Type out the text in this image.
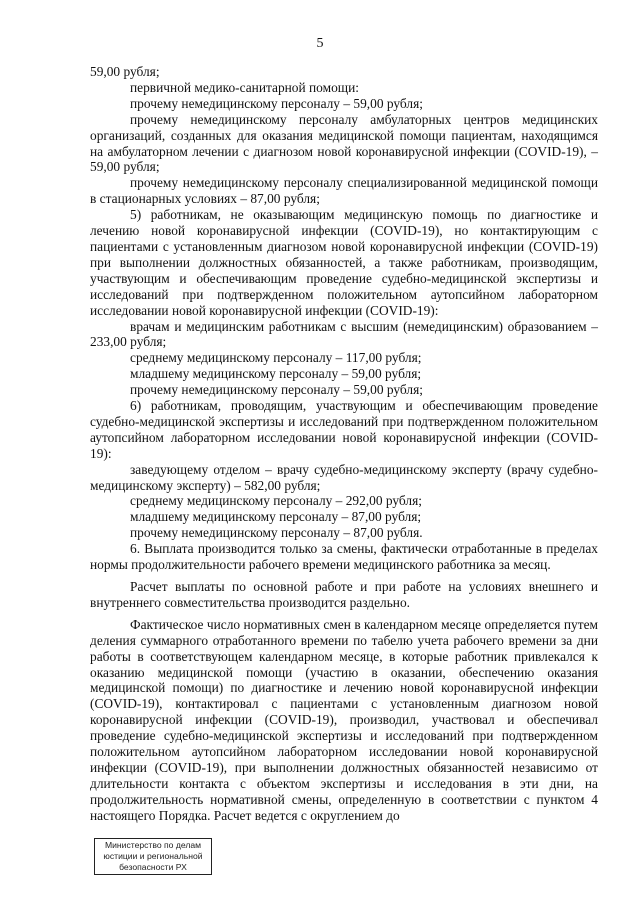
5

59,00 рубля;

первичной медико-санитарной помощи:

прочему немедицинскому персоналу – 59,00 рубля;

прочему немедицинскому персоналу амбулаторных центров медицинских организаций, созданных для оказания медицинской помощи пациентам, находящимся на амбулаторном лечении с диагнозом новой коронавирусной инфекции (COVID-19), – 59,00 рубля;

прочему немедицинскому персоналу специализированной медицинской помощи в стационарных условиях – 87,00 рубля;

5) работникам, не оказывающим медицинскую помощь по диагностике и лечению новой коронавирусной инфекции (COVID-19), но контактирующим с пациентами с установленным диагнозом новой коронавирусной инфекции (COVID-19) при выполнении должностных обязанностей, а также работникам, производящим, участвующим и обеспечивающим проведение судебно-медицинской экспертизы и исследований при подтвержденном положительном аутопсийном лабораторном исследовании новой коронавирусной инфекции (COVID-19):

врачам и медицинским работникам с высшим (немедицинским) образованием – 233,00 рубля;

среднему медицинскому персоналу – 117,00 рубля;

младшему медицинскому персоналу – 59,00 рубля;

прочему немедицинскому персоналу – 59,00 рубля;

6) работникам, проводящим, участвующим и обеспечивающим проведение судебно-медицинской экспертизы и исследований при подтвержденном положительном аутопсийном лабораторном исследовании новой коронавирусной инфекции (COVID-19):

заведующему отделом – врачу судебно-медицинскому эксперту (врачу судебно-медицинскому эксперту) – 582,00 рубля;

среднему медицинскому персоналу – 292,00 рубля;

младшему медицинскому персоналу – 87,00 рубля;

прочему немедицинскому персоналу – 87,00 рубля.

6. Выплата производится только за смены, фактически отработанные в пределах нормы продолжительности рабочего времени медицинского работника за месяц.

Расчет выплаты по основной работе и при работе на условиях внешнего и внутреннего совместительства производится раздельно.

Фактическое число нормативных смен в календарном месяце определяется путем деления суммарного отработанного времени по табелю учета рабочего времени за дни работы в соответствующем календарном месяце, в которые работник привлекался к оказанию медицинской помощи (участию в оказании, обеспечению оказания медицинской помощи) по диагностике и лечению новой коронавирусной инфекции (COVID-19), контактировал с пациентами с установленным диагнозом новой коронавирусной инфекции (COVID-19), производил, участвовал и обеспечивал проведение судебно-медицинской экспертизы и исследований при подтвержденном положительном аутопсийном лабораторном исследовании новой коронавирусной инфекции (COVID-19), при выполнении должностных обязанностей независимо от длительности контакта с объектом экспертизы и исследования в эти дни, на продолжительность нормативной смены, определенную в соответствии с пунктом 4 настоящего Порядка. Расчет ведется с округлением до

Министерство по делам
юстиции и региональной
безопасности РХ
